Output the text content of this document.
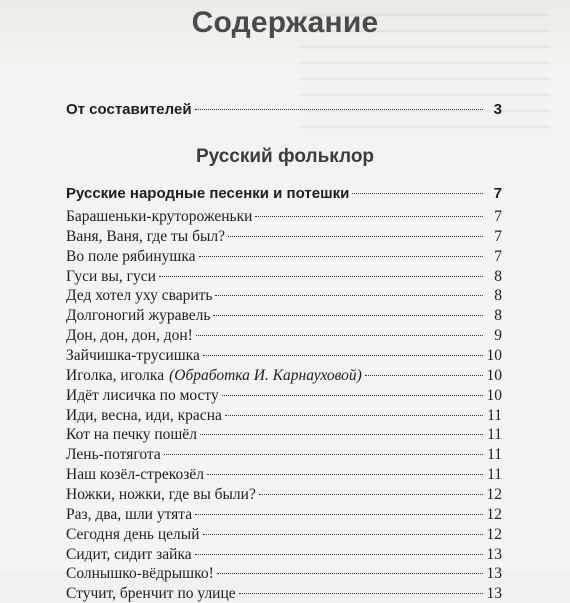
Содержание
От составителей	3
Русский фольклор
Русские народные песенки и потешки	7
Барашеньки-крутороженьки	7
Ваня, Ваня, где ты был?	7
Во поле рябинушка	7
Гуси вы, гуси	8
Дед хотел уху сварить	8
Долгоногий журавель	8
Дон, дон, дон, дон!	9
Зайчишка-трусишка	10
Иголка, иголка (Обработка И. Карнауховой)	10
Идёт лисичка по мосту	10
Иди, весна, иди, красна	11
Кот на печку пошёл	11
Лень-потягота	11
Наш козёл-стрекозёл	11
Ножки, ножки, где вы были?	12
Раз, два, шли утята	12
Сегодня день целый	12
Сидит, сидит зайка	13
Солнышко-вёдрышко!	13
Стучит, бренчит по улице	13
